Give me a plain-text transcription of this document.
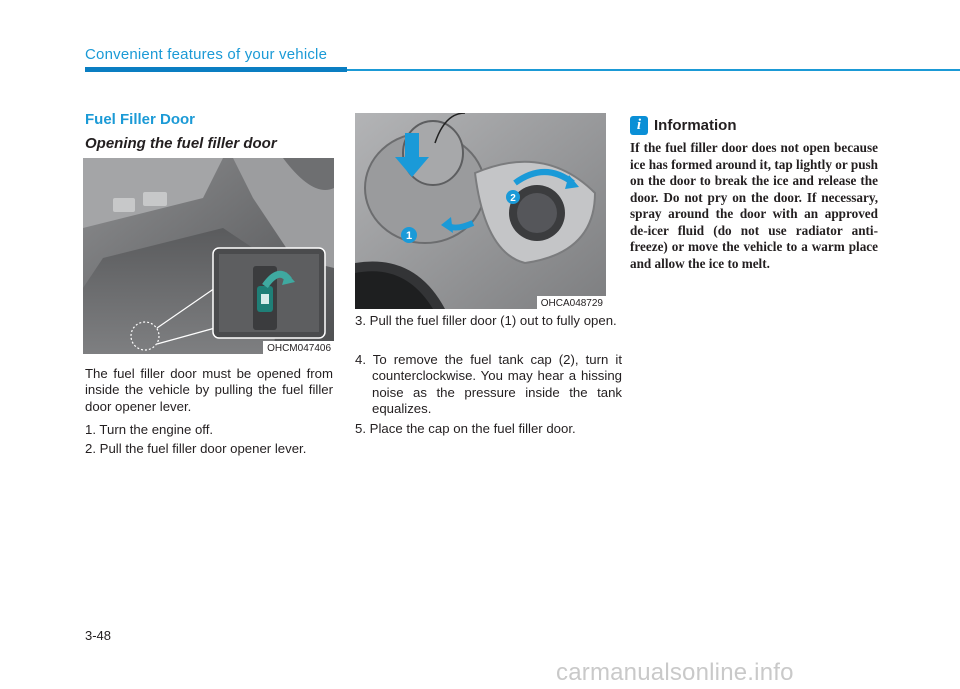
Convenient features of your vehicle
Fuel Filler Door
Opening the fuel filler door
OHCM047406
The fuel filler door must be opened from inside the vehicle by pulling the fuel filler door opener lever.
1. Turn the engine off.
2. Pull the fuel filler door opener lever.
1
2
OHCA048729
3. Pull the fuel filler door (1) out to fully open.
4. To remove the fuel tank cap (2), turn it counterclockwise. You may hear a hissing noise as the pressure inside the tank equalizes.
5. Place the cap on the fuel filler door.
i Information
If the fuel filler door does not open because ice has formed around it, tap lightly or push on the door to break the ice and release the door. Do not pry on the door. If necessary, spray around the door with an approved de-icer fluid (do not use radiator anti-freeze) or move the vehicle to a warm place and allow the ice to melt.
3-48
carmanualsonline.info
